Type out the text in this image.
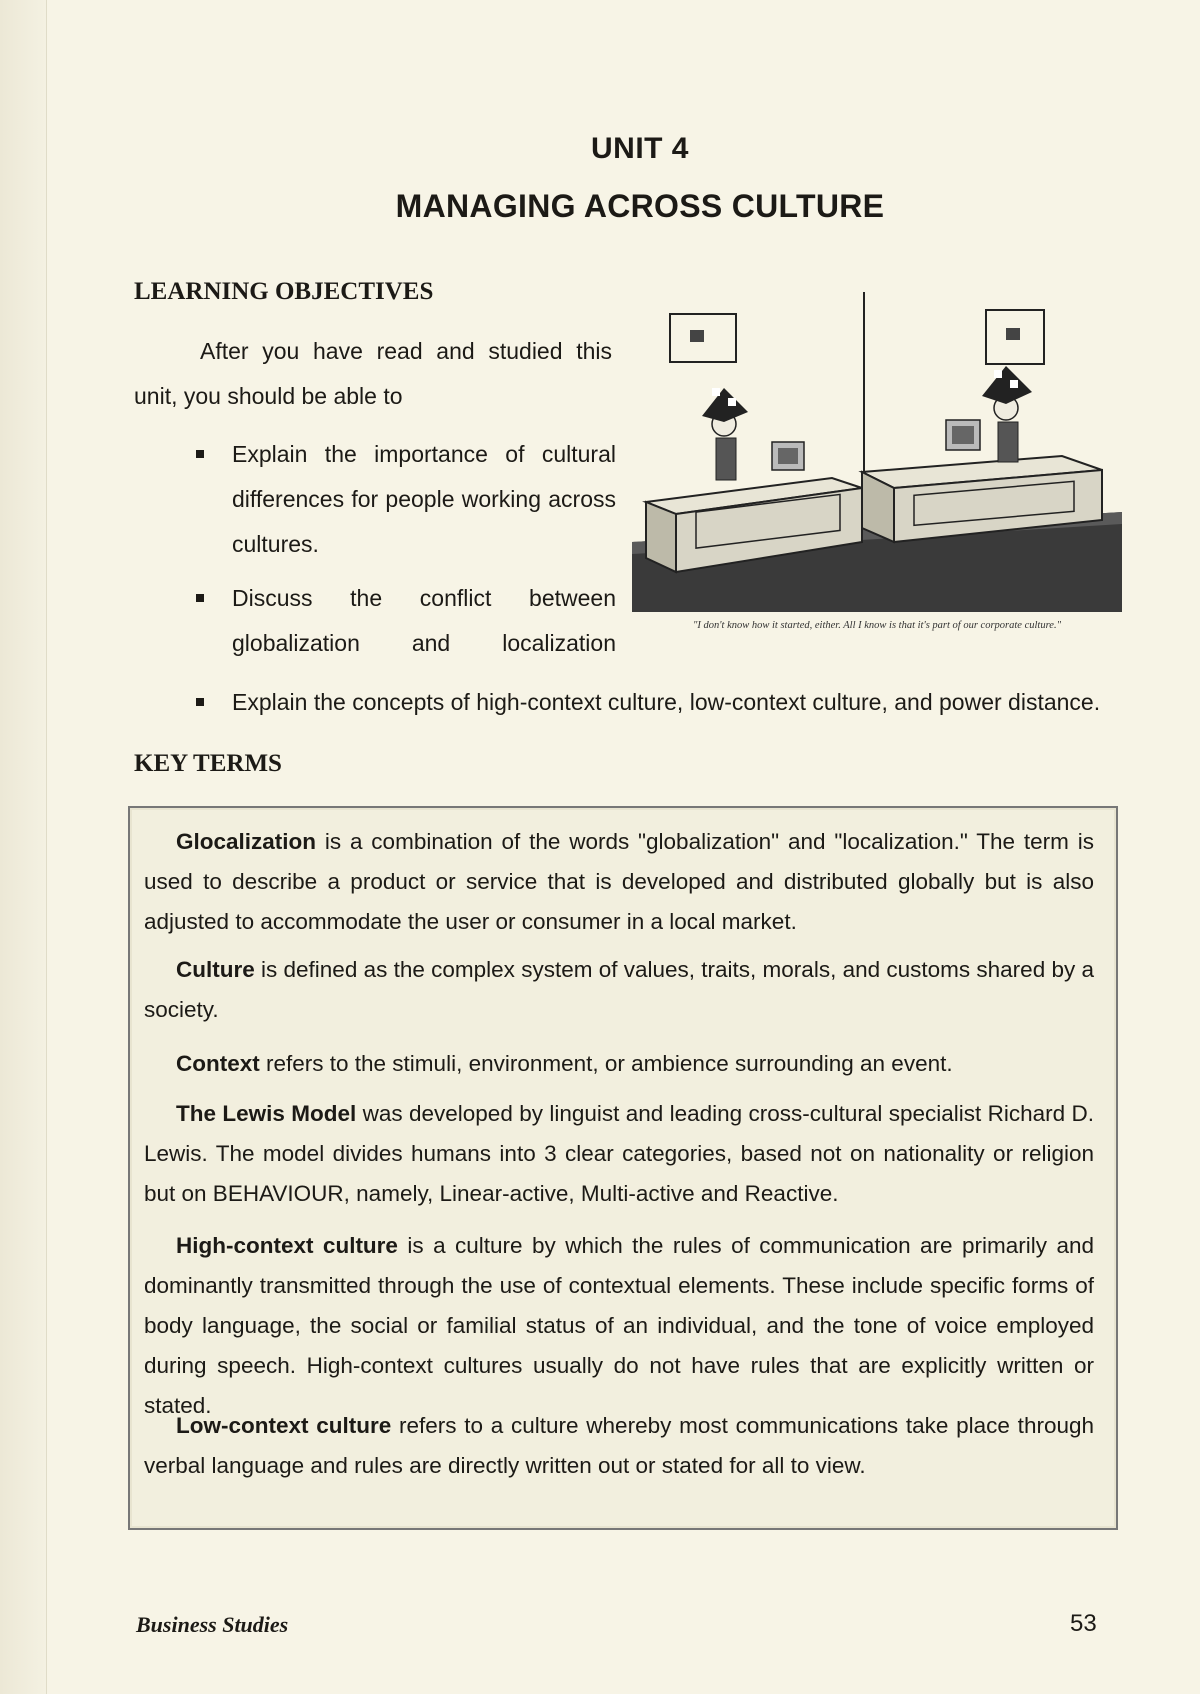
UNIT 4
MANAGING ACROSS CULTURE
LEARNING OBJECTIVES
After you have read and studied this
unit, you should be able to
Explain the importance of cultural differences for people working across cultures.
Discuss the conflict between globalization and localization
Explain the concepts of high-context culture, low-context culture, and power distance.
"I don't know how it started, either. All I know is that it's part of our corporate culture."
KEY TERMS
Glocalization is a combination of the words "globalization" and "localization." The term is used to describe a product or service that is developed and distributed globally but is also adjusted to accommodate the user or consumer in a local market.
Culture is defined as the complex system of values, traits, morals, and customs shared by a society.
Context refers to the stimuli, environment, or ambience surrounding an event.
The Lewis Model was developed by linguist and leading cross-cultural specialist Richard D. Lewis. The model divides humans into 3 clear categories, based not on nationality or religion but on BEHAVIOUR, namely, Linear-active, Multi-active and Reactive.
High-context culture is a culture by which the rules of communication are primarily and dominantly transmitted through the use of contextual elements. These include specific forms of body language, the social or familial status of an individual, and the tone of voice employed during speech. High-context cultures usually do not have rules that are explicitly written or stated.
Low-context culture refers to a culture whereby most communications take place through verbal language and rules are directly written out or stated for all to view.
Business Studies	53
